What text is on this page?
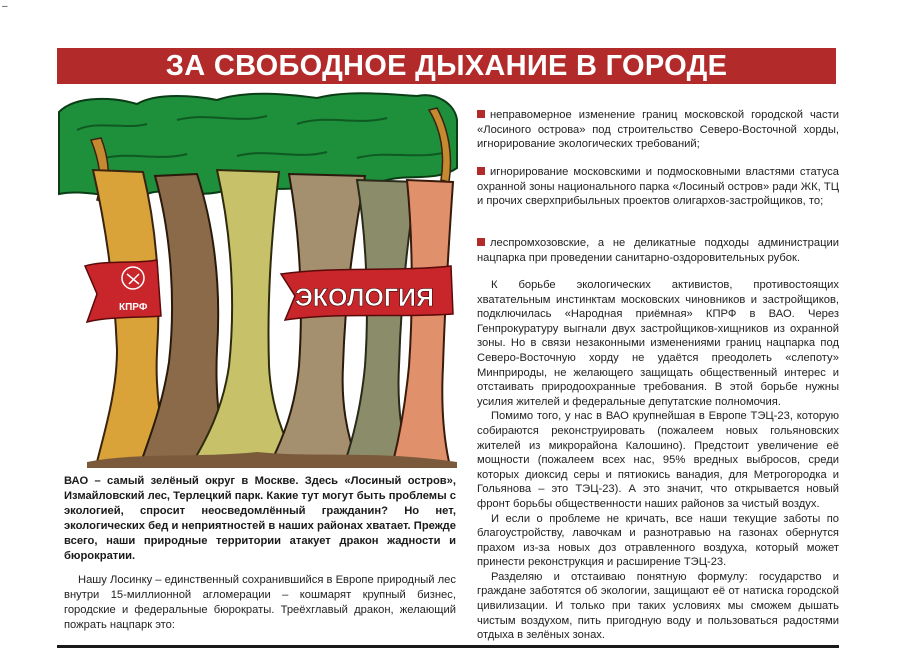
–
ЗА СВОБОДНОЕ ДЫХАНИЕ В ГОРОДЕ
КПРФ	ЭКОЛОГИЯ

ВАО – самый зелёный округ в Москве. Здесь «Лосиный остров», Измайловский лес, Терлецкий парк. Какие тут могут быть проблемы с экологией, спросит неосведомлённый гражданин? Но нет, экологических бед и неприятностей в наших районах хватает. Прежде всего, наши природные территории атакует дракон жадности и бюрократии.

Нашу Лосинку – единственный сохранившийся в Европе природный лес внутри 15-миллионной агломерации – кошмарят крупный бизнес, городские и федеральные бюрократы. Треёхглавый дракон, желающий пожрать нацпарк это:

неправомерное изменение границ московской городской части «Лосиного острова» под строительство Северо-Восточной хорды, игнорирование экологических требований;

игнорирование московскими и подмосковными властями статуса охранной зоны национального парка «Лосиный остров» ради ЖК, ТЦ и прочих сверхприбыльных проектов олигархов-застройщиков, то;

леспромхозовские, а не деликатные подходы администрации нацпарка при проведении санитарно-оздоровительных рубок.

К борьбе экологических активистов, противостоящих хватательным инстинктам московских чиновников и застройщиков, подключилась «Народная приёмная» КПРФ в ВАО. Через Генпрокуратуру выгнали двух застройщиков-хищников из охранной зоны. Но в связи незаконными изменениями границ нацпарка под Северо-Восточную хорду не удаётся преодолеть «слепоту» Минприроды, не желающего защищать общественный интерес и отстаивать природоохранные требования. В этой борьбе нужны усилия жителей и федеральные депутатские полномочия.

Помимо того, у нас в ВАО крупнейшая в Европе ТЭЦ-23, которую собираются реконструировать (пожалеем новых гольяновских жителей из микрорайона Калошино). Предстоит увеличение её мощности (пожалеем всех нас, 95% вредных выбросов, среди которых диоксид серы и пятиокись ванадия, для Метрогородка и Гольянова – это ТЭЦ-23). А это значит, что открывается новый фронт борьбы общественности наших районов за чистый воздух.

И если о проблеме не кричать, все наши текущие заботы по благоустройству, лавочкам и разнотравью на газонах обернутся прахом из-за новых доз отравленного воздуха, который может принести реконструкция и расширение ТЭЦ-23.

Разделяю и отстаиваю понятную формулу: государство и граждане заботятся об экологии, защищают её от натиска городской цивилизации. И только при таких условиях мы сможем дышать чистым воздухом, пить пригодную воду и пользоваться радостями отдыха в зелёных зонах.
